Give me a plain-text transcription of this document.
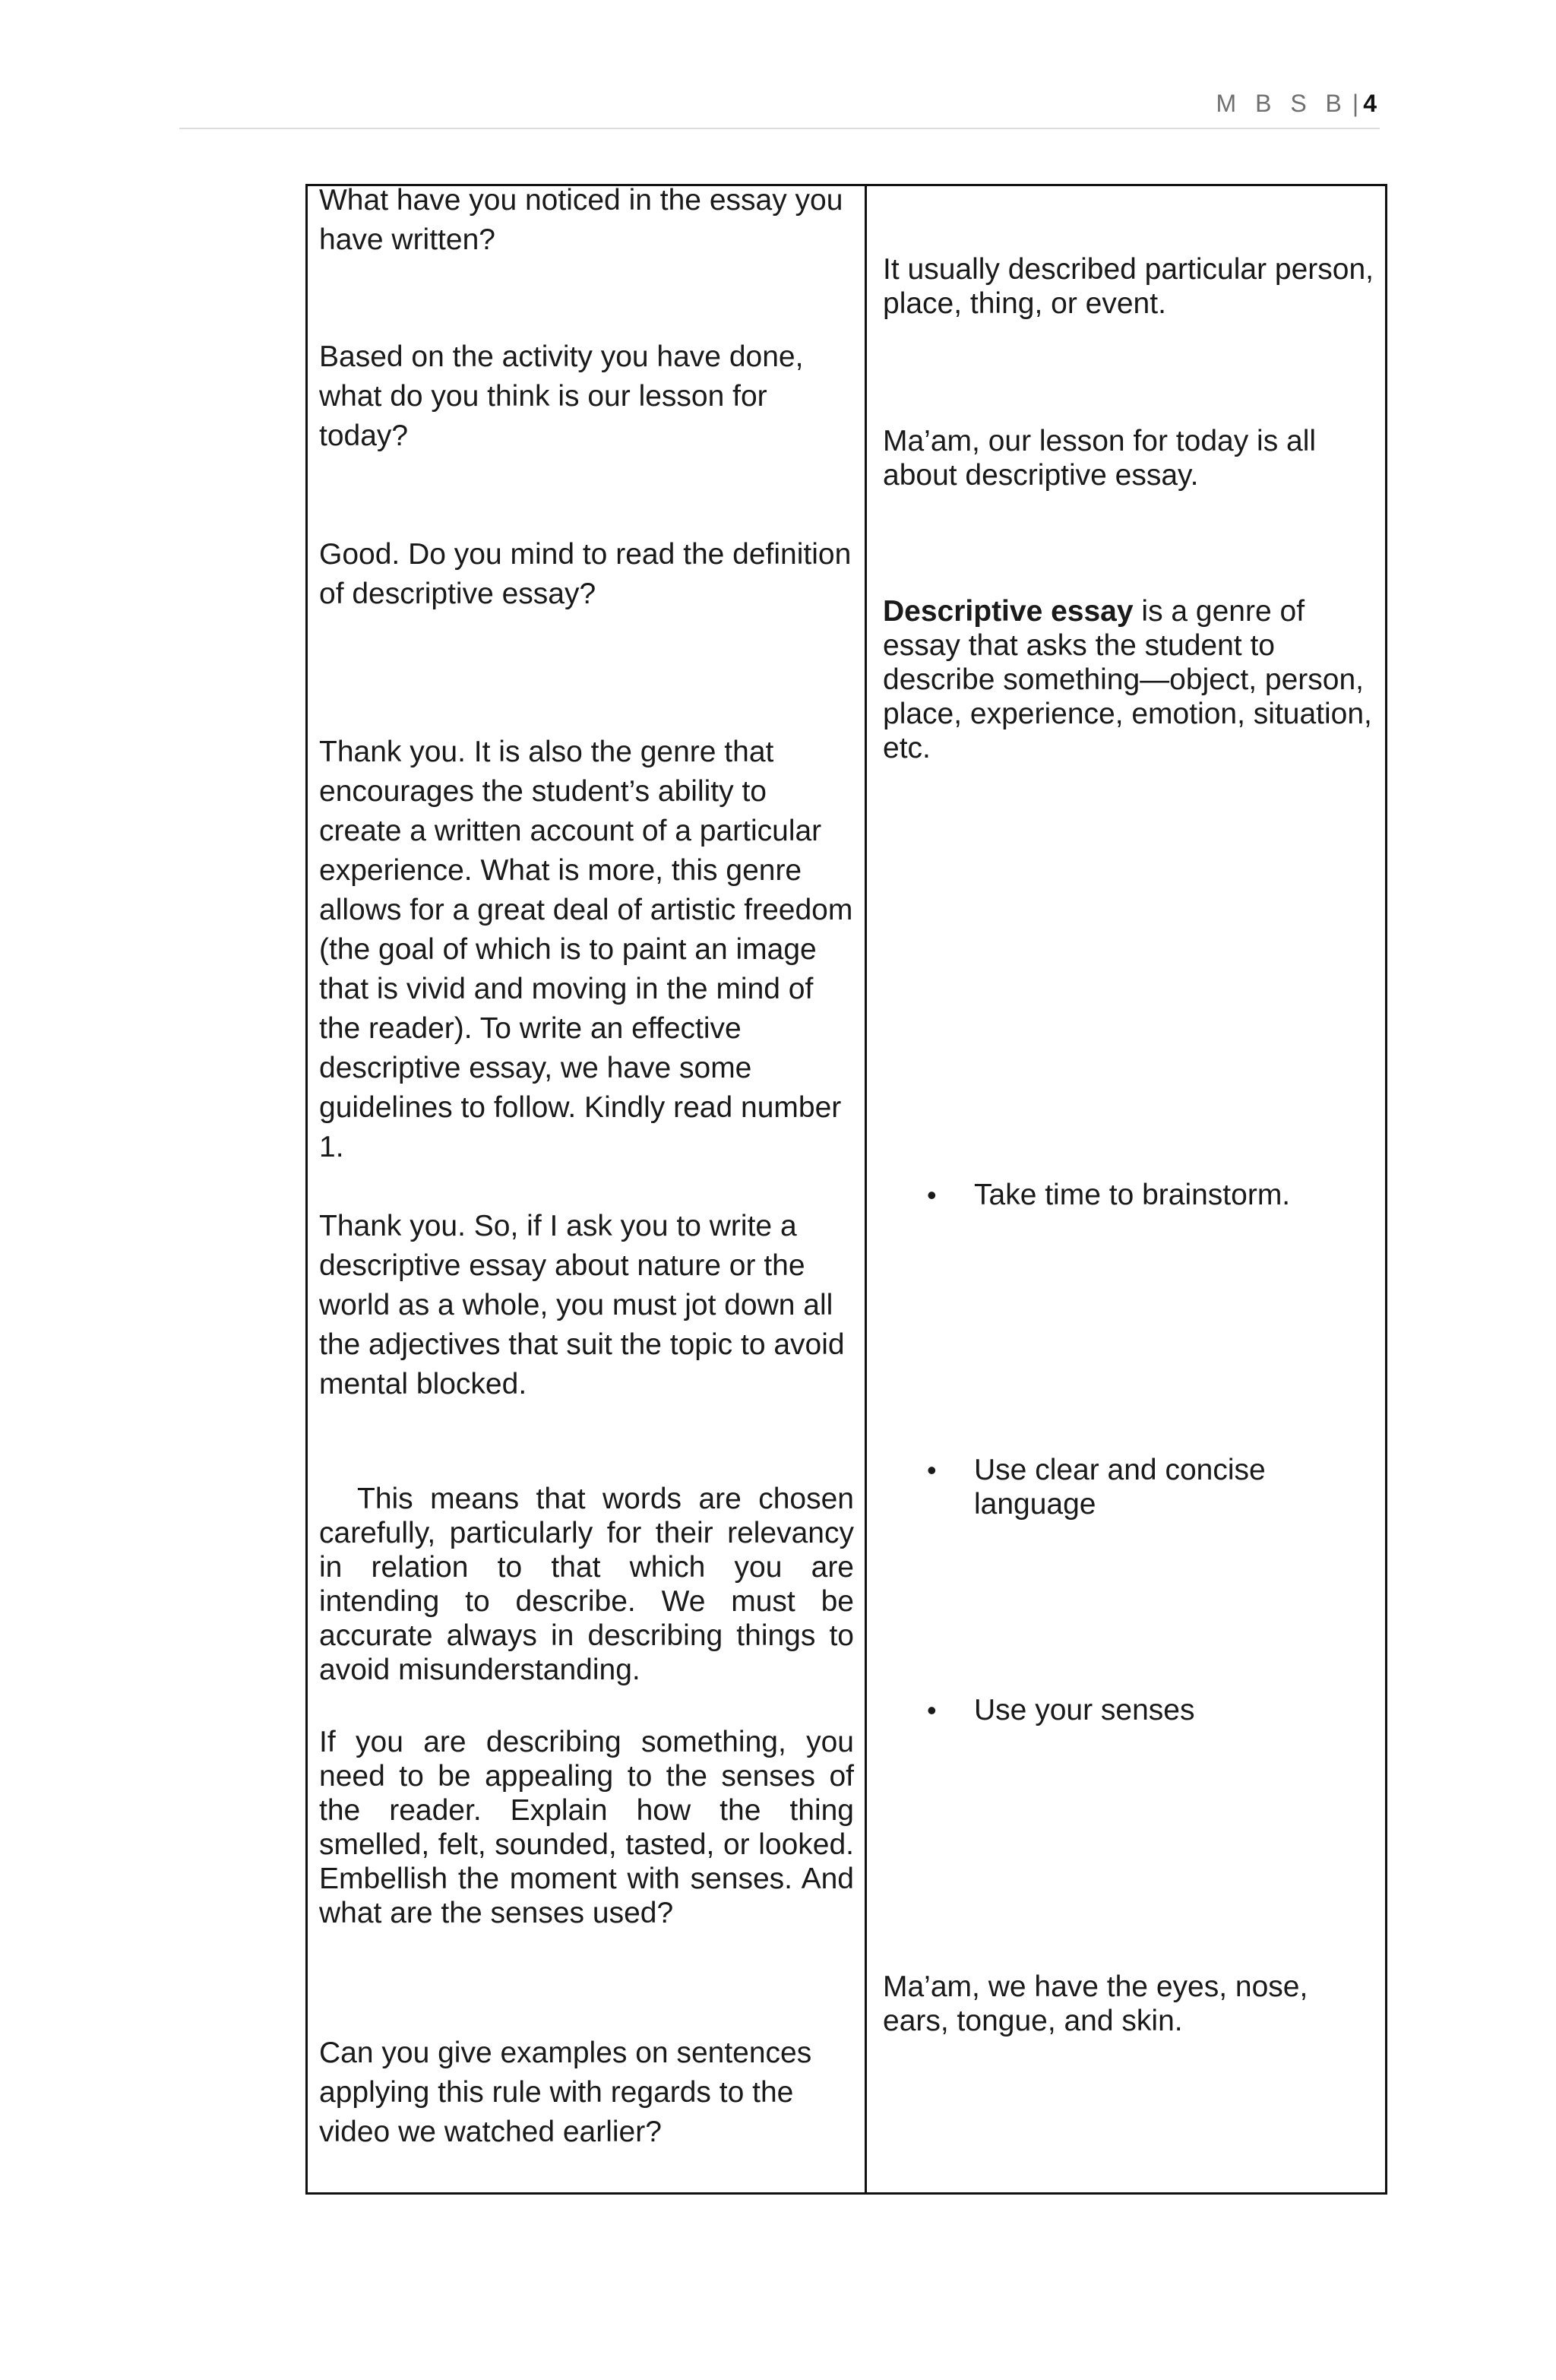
M B S B | 4
What have you noticed in the essay you have written?
Based on the activity you have done, what do you think is our lesson for today?
Good. Do you mind to read the definition of descriptive essay?
Thank you. It is also the genre that encourages the student’s ability to create a written account of a particular experience. What is more, this genre allows for a great deal of artistic freedom (the goal of which is to paint an image that is vivid and moving in the mind of the reader). To write an effective descriptive essay, we have some guidelines to follow. Kindly read number 1.
Thank you. So, if I ask you to write a descriptive essay about nature or the world as a whole, you must jot down all the adjectives that suit the topic to avoid mental blocked.
This means that words are chosen carefully, particularly for their relevancy in relation to that which you are intending to describe. We must be accurate always in describing things to avoid misunderstanding.
If you are describing something, you need to be appealing to the senses of the reader. Explain how the thing smelled, felt, sounded, tasted, or looked. Embellish the moment with senses. And what are the senses used?
Can you give examples on sentences applying this rule with regards to the video we watched earlier?
It usually described particular person, place, thing, or event.
Ma’am, our lesson for today is all about descriptive essay.
Descriptive essay is a genre of essay that asks the student to describe something—object, person, place, experience, emotion, situation, etc.
• Take time to brainstorm.
• Use clear and concise language
• Use your senses
Ma’am, we have the eyes, nose, ears, tongue, and skin.
